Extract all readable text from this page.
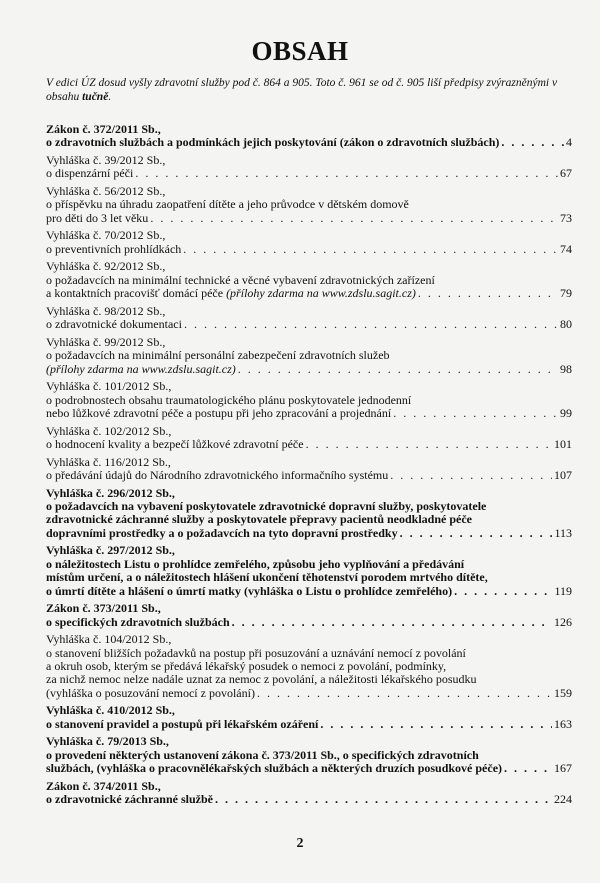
OBSAH
V edici ÚZ dosud vyšly zdravotní služby pod č. 864 a 905. Toto č. 961 se od č. 905 liší předpisy zvýrazněnými v obsahu tučně.
Zákon č. 372/2011 Sb.,
o zdravotních službách a podmínkách jejich poskytování (zákon o zdravotních službách) . . .	4
Vyhláška č. 39/2012 Sb.,
o dispenzární péči . . .	67
Vyhláška č. 56/2012 Sb.,
o příspěvku na úhradu zaopatření dítěte a jeho průvodce v dětském domově
pro děti do 3 let věku . . .	73
Vyhláška č. 70/2012 Sb.,
o preventivních prohlídkách . . .	74
Vyhláška č. 92/2012 Sb.,
o požadavcích na minimální technické a věcné vybavení zdravotnických zařízení
a kontaktních pracovišť domácí péče (přílohy zdarma na www.zdslu.sagit.cz) . . .	79
Vyhláška č. 98/2012 Sb.,
o zdravotnické dokumentaci . . .	80
Vyhláška č. 99/2012 Sb.,
o požadavcích na minimální personální zabezpečení zdravotních služeb
(přílohy zdarma na www.zdslu.sagit.cz) . . .	98
Vyhláška č. 101/2012 Sb.,
o podrobnostech obsahu traumatologického plánu poskytovatele jednodenní
nebo lůžkové zdravotní péče a postupu při jeho zpracování a projednání . . .	99
Vyhláška č. 102/2012 Sb.,
o hodnocení kvality a bezpečí lůžkové zdravotní péče . . .	101
Vyhláška č. 116/2012 Sb.,
o předávání údajů do Národního zdravotnického informačního systému . . .	107
Vyhláška č. 296/2012 Sb.,
o požadavcích na vybavení poskytovatele zdravotnické dopravní služby, poskytovatele
zdravotnické záchranné služby a poskytovatele přepravy pacientů neodkladné péče
dopravními prostředky a o požadavcích na tyto dopravní prostředky . . .	113
Vyhláška č. 297/2012 Sb.,
o náležitostech Listu o prohlídce zemřelého, způsobu jeho vyplňování a předávání
místům určení, a o náležitostech hlášení ukončení těhotenství porodem mrtvého dítěte,
o úmrtí dítěte a hlášení o úmrtí matky (vyhláška o Listu o prohlídce zemřelého) . . .	119
Zákon č. 373/2011 Sb.,
o specifických zdravotních službách . . .	126
Vyhláška č. 104/2012 Sb.,
o stanovení bližších požadavků na postup při posuzování a uznávání nemocí z povolání
a okruh osob, kterým se předává lékařský posudek o nemoci z povolání, podmínky,
za nichž nemoc nelze nadále uznat za nemoc z povolání, a náležitosti lékařského posudku
(vyhláška o posuzování nemocí z povolání) . . .	159
Vyhláška č. 410/2012 Sb.,
o stanovení pravidel a postupů při lékařském ozáření . . .	163
Vyhláška č. 79/2013 Sb.,
o provedení některých ustanovení zákona č. 373/2011 Sb., o specifických zdravotních
službách, (vyhláška o pracovnělékařských službách a některých druzích posudkové péče) . . .	167
Zákon č. 374/2011 Sb.,
o zdravotnické záchranné službě . . .	224
2
